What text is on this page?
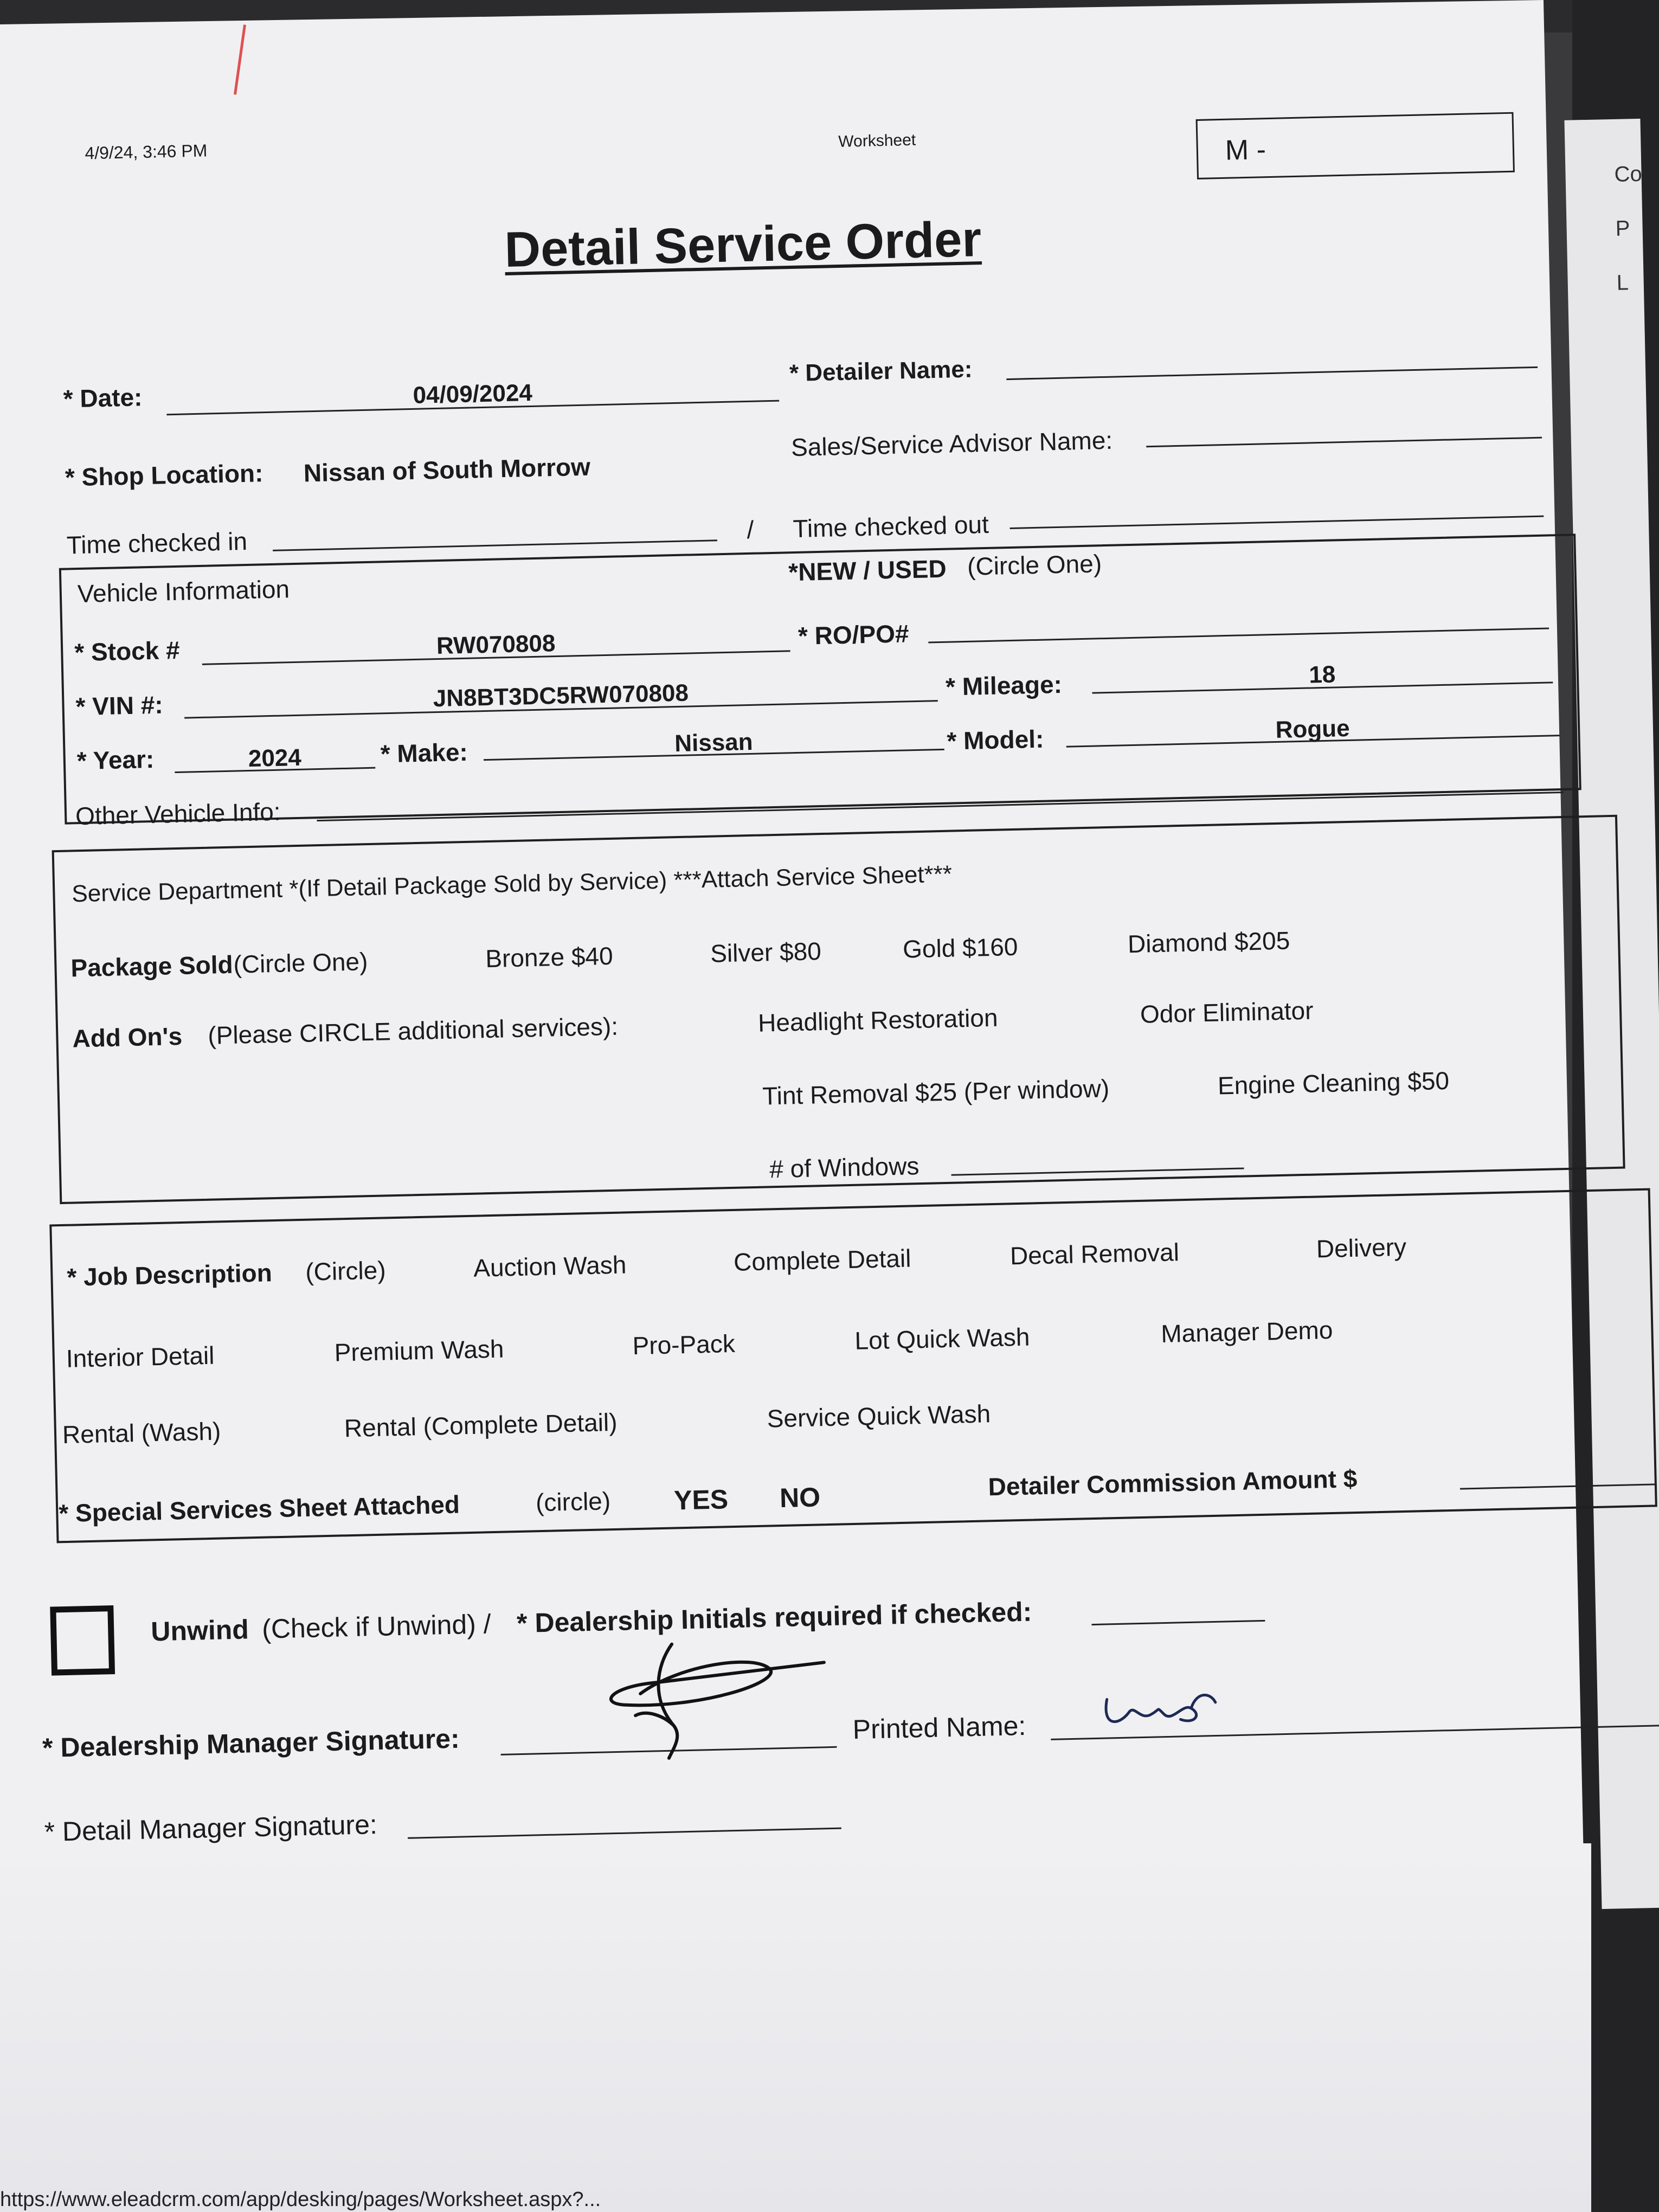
Co
P
L
4/9/24, 3:46 PM	Worksheet	M -
Detail Service Order
* Date:	04/09/2024
* Detailer Name:
* Shop Location: Nissan of South Morrow
Sales/Service Advisor Name:
Time checked in	/ Time checked out
Vehicle Information
*NEW / USED (Circle One)
* Stock #	RW070808	* RO/PO#
* VIN #:	JN8BT3DC5RW070808	* Mileage:	18
* Year:	2024	* Make:	Nissan	* Model:	Rogue
Other Vehicle Info:
Service Department *(If Detail Package Sold by Service) ***Attach Service Sheet***
Package Sold (Circle One)	Bronze $40	Silver $80	Gold $160	Diamond $205
Add On's (Please CIRCLE additional services):	Headlight Restoration	Odor Eliminator
Tint Removal $25 (Per window)	Engine Cleaning $50
# of Windows
* Job Description (Circle)	Auction Wash	Complete Detail	Decal Removal	Delivery
Interior Detail	Premium Wash	Pro-Pack	Lot Quick Wash	Manager Demo
Rental (Wash)	Rental (Complete Detail)	Service Quick Wash
* Special Services Sheet Attached	(circle) YES NO	Detailer Commission Amount $
Unwind (Check if Unwind) / * Dealership Initials required if checked:
* Dealership Manager Signature:	Printed Name:
* Detail Manager Signature:
https://www.eleadcrm.com/app/desking/pages/Worksheet.aspx?...
